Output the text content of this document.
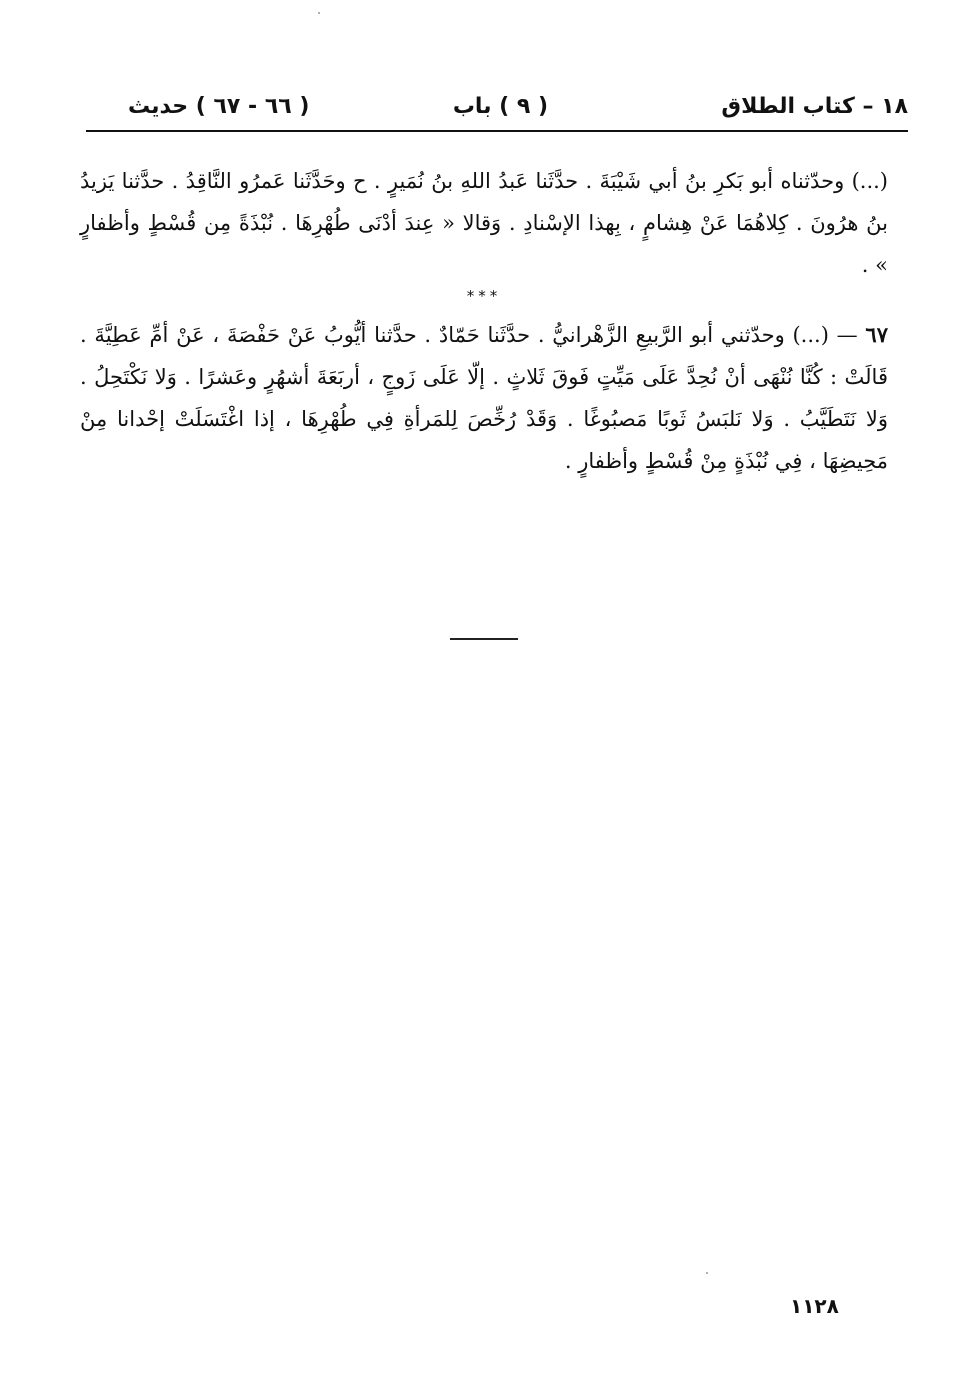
١٨ – كتاب الطلاق
( ٩ ) باب
( ٦٦ - ٦٧ ) حديث

(...) وحدّثناه أبو بَكرِ بنُ أبي شَيْبَةَ . حدَّثَنا عَبدُ اللهِ بنُ نُمَيرٍ . ح وحَدَّثَنا عَمرُو النَّاقِدُ . حدَّثنا يَزيدُ بنُ هرُونَ . كِلاهُمَا عَنْ هِشامٍ ، بِهذا الإسْنادِ . وَقالا « عِندَ أدْنَى طُهْرِهَا . نُبْذَةً مِن قُسْطٍ وأظفارٍ » .

***

٦٧ — (...) وحدّثني أبو الرَّبيعِ الزَّهْرانيُّ . حدَّثَنا حَمّادٌ . حدَّثنا أيُّوبُ عَنْ حَفْصَةَ ، عَنْ أمِّ عَطِيَّةَ . قَالَتْ : كُنَّا نُنْهَى أنْ نُحِدَّ عَلَى مَيِّتٍ فَوقَ ثَلاثٍ . إلّا عَلَى زَوجٍ ، أربَعَةَ أشهُرٍ وعَشرًا . وَلا نَكْتَحِلُ . وَلا نَتَطَيَّبُ . وَلا نَلبَسُ ثَوبًا مَصبُوغًا . وَقَدْ رُخِّصَ لِلمَرأةِ فِي طُهْرِهَا ، إذا اغْتَسَلَتْ إحْدانا مِنْ مَحِيضِهَا ، فِي نُبْذَةٍ مِنْ قُسْطٍ وأظفارٍ .

١١٢٨
